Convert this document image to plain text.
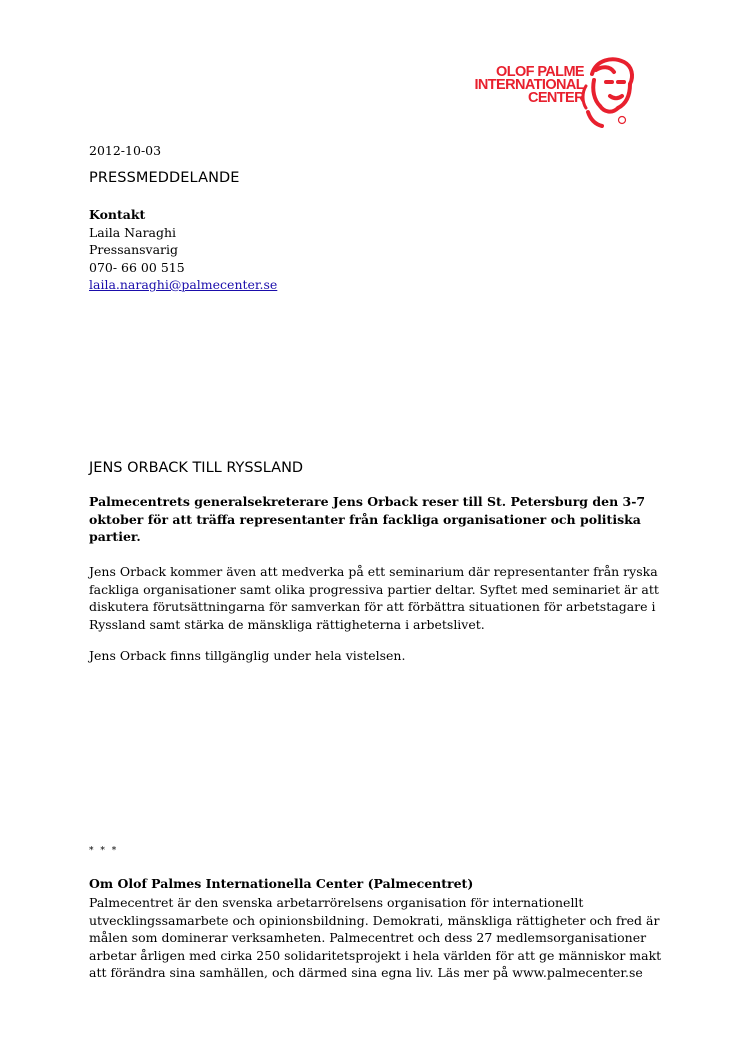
OLOF PALME
INTERNATIONAL
CENTER
2012-10-03
PRESSMEDDELANDE
Kontakt
Laila Naraghi
Pressansvarig
070- 66 00 515
laila.naraghi@palmecenter.se
JENS ORBACK TILL RYSSLAND

Palmecentrets generalsekreterare Jens Orback reser till St. Petersburg den 3-7 oktober för att träffa representanter från fackliga organisationer och politiska partier.

Jens Orback kommer även att medverka på ett seminarium där representanter från ryska fackliga organisationer samt olika progressiva partier deltar. Syftet med seminariet är att diskutera förutsättningarna för samverkan för att förbättra situationen för arbetstagare i Ryssland samt stärka de mänskliga rättigheterna i arbetslivet.

Jens Orback finns tillgänglig under hela vistelsen.

* * *
Om Olof Palmes Internationella Center (Palmecentret)

Palmecentret är den svenska arbetarrörelsens organisation för internationellt utvecklingssamarbete och opinionsbildning. Demokrati, mänskliga rättigheter och fred är målen som dominerar verksamheten. Palmecentret och dess 27 medlemsorganisationer arbetar årligen med cirka 250 solidaritetsprojekt i hela världen för att ge människor makt att förändra sina samhällen, och därmed sina egna liv. Läs mer på www.palmecenter.se
